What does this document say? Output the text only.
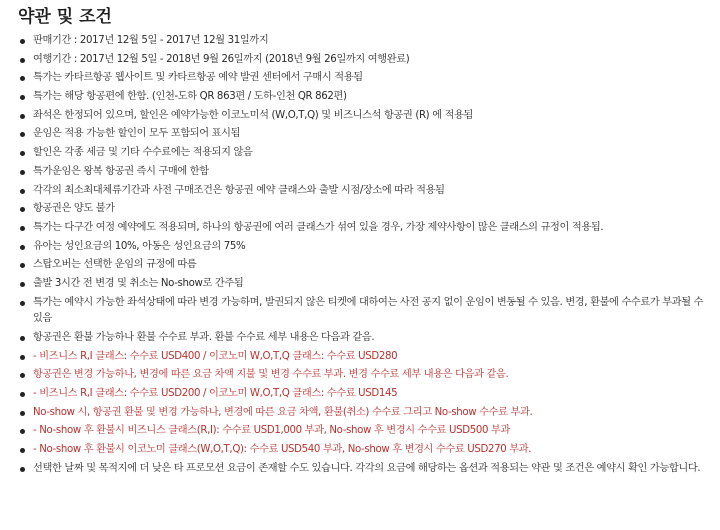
약관 및 조건
판매기간 : 2017년 12월 5일 - 2017년 12월 31일까지
여행기간 : 2017년 12월 5일 - 2018년 9월 26일까지 (2018년 9월 26일까지 여행완료)
특가는 카타르항공 웹사이트 및 카타르항공 예약 발권 센터에서 구매시 적용됨
특가는 해당 항공편에 한함. (인천-도하 QR 863편 / 도하-인천 QR 862편)
좌석은 한정되어 있으며, 할인은 예약가능한 이코노미석 (W,O,T,Q) 및 비즈니스석 항공권 (R) 에 적용됨
운임은 적용 가능한 할인이 모두 포함되어 표시됨
할인은 각종 세금 및 기타 수수료에는 적용되지 않음
특가운임은 왕복 항공권 즉시 구매에 한함
각각의 최소최대체류기간과 사전 구매조건은 항공권 예약 클래스와 출발 시점/장소에 따라 적용됨
항공권은 양도 불가
특가는 다구간 여정 예약에도 적용되며, 하나의 항공권에 여러 클래스가 섞여 있을 경우, 가장 제약사항이 많은 클래스의 규정이 적용됨.
유아는 성인요금의 10%, 아동은 성인요금의 75%
스탑오버는 선택한 운임의 규정에 따름
출발 3시간 전 변경 및 취소는 No-show로 간주됨
특가는 예약시 가능한 좌석상태에 따라 변경 가능하며, 발권되지 않은 티켓에 대하여는 사전 공지 없이 운임이 변동될 수 있음. 변경, 환불에 수수료가 부과될 수 있음
항공권은 환불 가능하나 환불 수수료 부과. 환불 수수료 세부 내용은 다음과 같음.
- 비즈니스 R,I 클래스: 수수료 USD400 / 이코노미 W,O,T,Q 클래스: 수수료 USD280
항공권은 변경 가능하나, 변경에 따른 요금 차액 지불 및 변경 수수료 부과. 변경 수수료 세부 내용은 다음과 같음.
- 비즈니스 R,I 클래스: 수수료 USD200 / 이코노미 W,O,T,Q 클래스: 수수료 USD145
No-show 시, 항공권 환불 및 변경 가능하나, 변경에 따른 요금 차액, 환불(취소) 수수료 그리고 No-show 수수료 부과.
- No-show 후 환불시 비즈니스 클래스(R,I): 수수료 USD1,000 부과, No-show 후 변경시 수수료 USD500 부과
- No-show 후 환불시 이코노미 클래스(W,O,T,Q): 수수료 USD540 부과, No-show 후 변경시 수수료 USD270 부과.
선택한 날짜 및 목적지에 더 낮은 타 프로모션 요금이 존재할 수도 있습니다. 각각의 요금에 해당하는 옵션과 적용되는 약관 및 조건은 예약시 확인 가능합니다.
